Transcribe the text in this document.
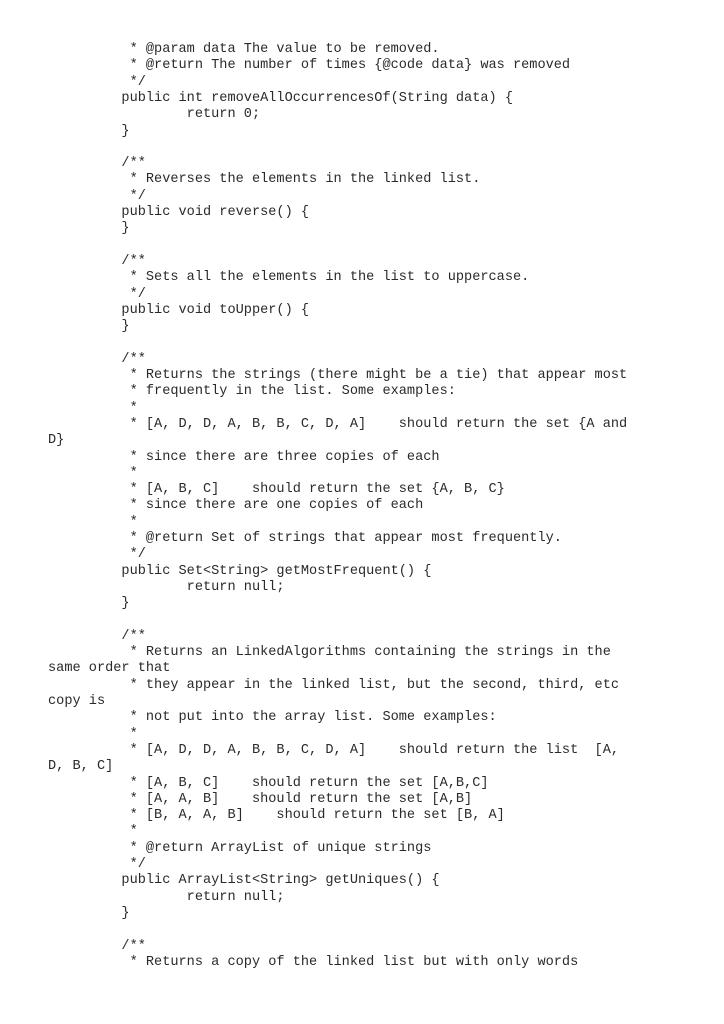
* @param data The value to be removed.
* @return The number of times {@code data} was removed
*/
public int removeAllOccurrencesOf(String data) {
return 0;
}
/**
* Reverses the elements in the linked list.
*/
public void reverse() {
}
/**
* Sets all the elements in the list to uppercase.
*/
public void toUpper() {
}
/**
* Returns the strings (there might be a tie) that appear most
* frequently in the list. Some examples:
*
* [A, D, D, A, B, B, C, D, A]    should return the set {A and
D}
* since there are three copies of each
*
* [A, B, C]    should return the set {A, B, C}
* since there are one copies of each
*
* @return Set of strings that appear most frequently.
*/
public Set<String> getMostFrequent() {
return null;
}
/**
* Returns an LinkedAlgorithms containing the strings in the
same order that
* they appear in the linked list, but the second, third, etc
copy is
* not put into the array list. Some examples:
*
* [A, D, D, A, B, B, C, D, A]    should return the list  [A,
D, B, C]
* [A, B, C]    should return the set [A,B,C]
* [A, A, B]    should return the set [A,B]
* [B, A, A, B]    should return the set [B, A]
*
* @return ArrayList of unique strings
*/
public ArrayList<String> getUniques() {
return null;
}
/**
* Returns a copy of the linked list but with only words
